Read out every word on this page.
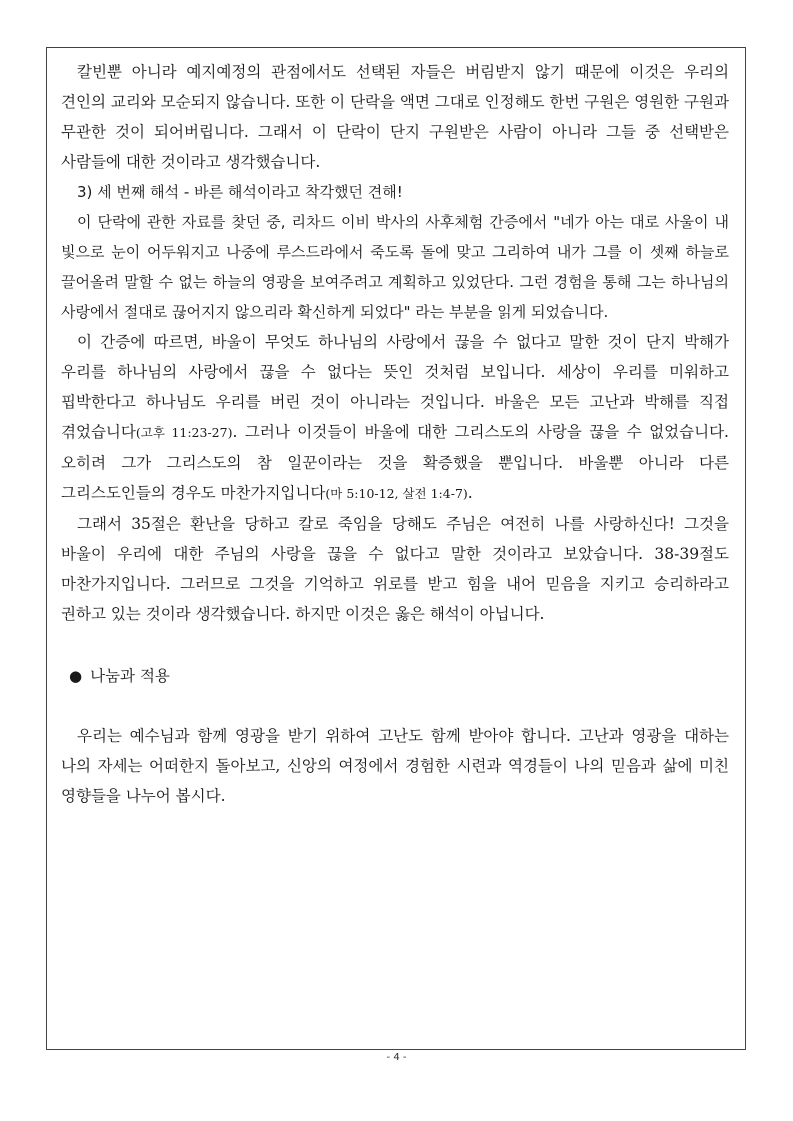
칼빈뿐 아니라 예지예정의 관점에서도 선택된 자들은 버림받지 않기 때문에 이것은 우리의 견인의 교리와 모순되지 않습니다. 또한 이 단락을 액면 그대로 인정해도 한번 구원은 영원한 구원과 무관한 것이 되어버립니다. 그래서 이 단락이 단지 구원받은 사람이 아니라 그들 중 선택받은 사람들에 대한 것이라고 생각했습니다.

3) 세 번째 해석 - 바른 해석이라고 착각했던 견해!

이 단락에 관한 자료를 찾던 중, 리차드 이비 박사의 사후체험 간증에서 "네가 아는 대로 사울이 내 빛으로 눈이 어두워지고 나중에 루스드라에서 죽도록 돌에 맞고 그리하여 내가 그를 이 셋째 하늘로 끌어올려 말할 수 없는 하늘의 영광을 보여주려고 계획하고 있었단다. 그런 경험을 통해 그는 하나님의 사랑에서 절대로 끊어지지 않으리라 확신하게 되었다" 라는 부분을 읽게 되었습니다.

이 간증에 따르면, 바울이 무엇도 하나님의 사랑에서 끊을 수 없다고 말한 것이 단지 박해가 우리를 하나님의 사랑에서 끊을 수 없다는 뜻인 것처럼 보입니다. 세상이 우리를 미워하고 핍박한다고 하나님도 우리를 버린 것이 아니라는 것입니다. 바울은 모든 고난과 박해를 직접 겪었습니다(고후 11:23-27). 그러나 이것들이 바울에 대한 그리스도의 사랑을 끊을 수 없었습니다. 오히려 그가 그리스도의 참 일꾼이라는 것을 확증했을 뿐입니다. 바울뿐 아니라 다른 그리스도인들의 경우도 마찬가지입니다(마 5:10-12, 살전 1:4-7).

그래서 35절은 환난을 당하고 칼로 죽임을 당해도 주님은 여전히 나를 사랑하신다! 그것을 바울이 우리에 대한 주님의 사랑을 끊을 수 없다고 말한 것이라고 보았습니다. 38-39절도 마찬가지입니다. 그러므로 그것을 기억하고 위로를 받고 힘을 내어 믿음을 지키고 승리하라고 권하고 있는 것이라 생각했습니다. 하지만 이것은 옳은 해석이 아닙니다.

● 나눔과 적용

우리는 예수님과 함께 영광을 받기 위하여 고난도 함께 받아야 합니다. 고난과 영광을 대하는 나의 자세는 어떠한지 돌아보고, 신앙의 여정에서 경험한 시련과 역경들이 나의 믿음과 삶에 미친 영향들을 나누어 봅시다.

- 4 -
